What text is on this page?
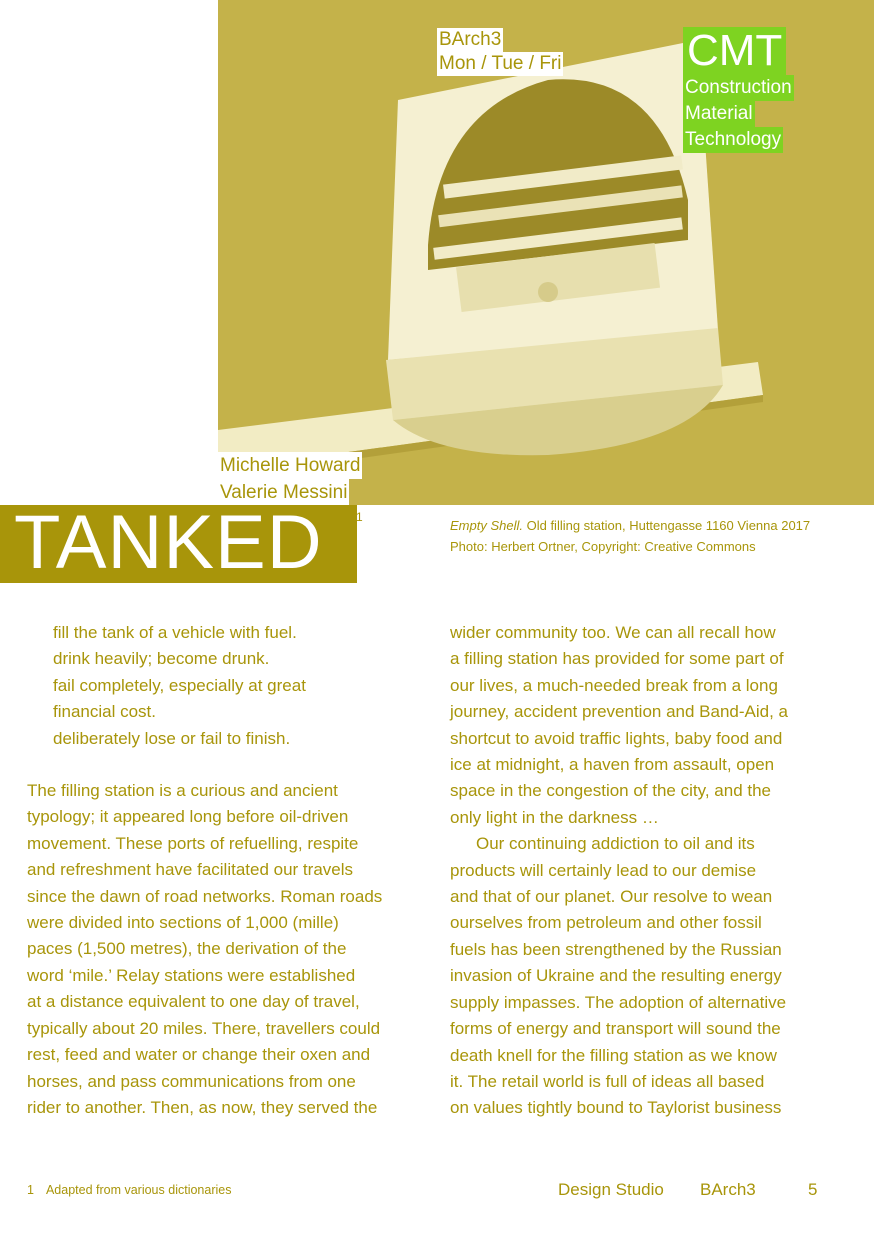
BArch3
Mon / Tue / Fri	CMT
Construction
Material
Technology
Michelle Howard
Valerie Messini
TANKED	1
Empty Shell. Old filling station, Huttengasse 1160 Vienna 2017
Photo: Herbert Ortner, Copyright: Creative Commons
fill the tank of a vehicle with fuel.
drink heavily; become drunk.
fail completely, especially at great
financial cost.
deliberately lose or fail to finish.
The filling station is a curious and ancient
typology; it appeared long before oil-driven
movement. These ports of refuelling, respite
and refreshment have facilitated our travels
since the dawn of road networks. Roman roads
were divided into sections of 1,000 (mille)
paces (1,500 metres), the derivation of the
word ‘mile.’ Relay stations were established
at a distance equivalent to one day of travel,
typically about 20 miles. There, travellers could
rest, feed and water or change their oxen and
horses, and pass communications from one
rider to another. Then, as now, they served the
wider community too. We can all recall how
a filling station has provided for some part of
our lives, a much-needed break from a long
journey, accident prevention and Band-Aid, a
shortcut to avoid traffic lights, baby food and
ice at midnight, a haven from assault, open
space in the congestion of the city, and the
only light in the darkness …
Our continuing addiction to oil and its
products will certainly lead to our demise
and that of our planet. Our resolve to wean
ourselves from petroleum and other fossil
fuels has been strengthened by the Russian
invasion of Ukraine and the resulting energy
supply impasses. The adoption of alternative
forms of energy and transport will sound the
death knell for the filling station as we know
it. The retail world is full of ideas all based
on values tightly bound to Taylorist business
1 Adapted from various dictionaries	Design Studio BArch3	5
